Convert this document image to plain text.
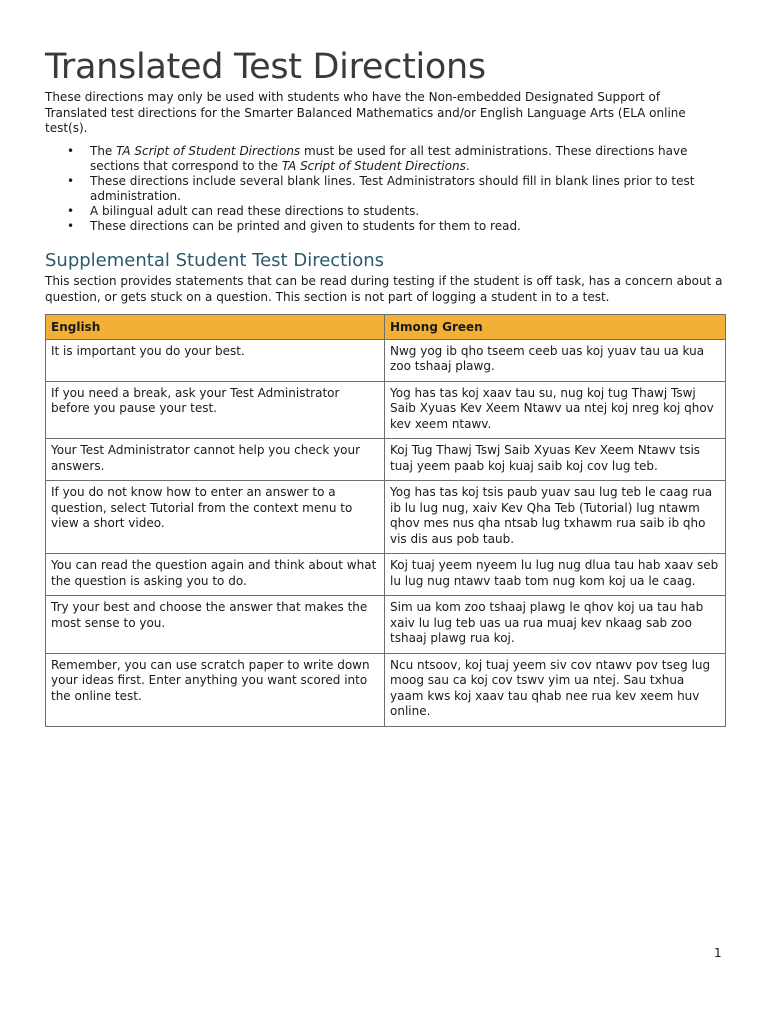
Translated Test Directions

These directions may only be used with students who have the Non-embedded Designated Support of Translated test directions for the Smarter Balanced Mathematics and/or English Language Arts (ELA online test(s).

• The TA Script of Student Directions must be used for all test administrations. These directions have sections that correspond to the TA Script of Student Directions.
• These directions include several blank lines. Test Administrators should fill in blank lines prior to test administration.
• A bilingual adult can read these directions to students.
• These directions can be printed and given to students for them to read.
Supplemental Student Test Directions

This section provides statements that can be read during testing if the student is off task, has a concern about a question, or gets stuck on a question. This section is not part of logging a student in to a test.

English	Hmong Green
It is important you do your best.	Nwg yog ib qho tseem ceeb uas koj yuav tau ua kua zoo tshaaj plawg.
If you need a break, ask your Test Administrator before you pause your test.	Yog has tas koj xaav tau su, nug koj tug Thawj Tswj Saib Xyuas Kev Xeem Ntawv ua ntej koj nreg koj qhov kev xeem ntawv.
Your Test Administrator cannot help you check your answers.	Koj Tug Thawj Tswj Saib Xyuas Kev Xeem Ntawv tsis tuaj yeem paab koj kuaj saib koj cov lug teb.
If you do not know how to enter an answer to a question, select Tutorial from the context menu to view a short video.	Yog has tas koj tsis paub yuav sau lug teb le caag rua ib lu lug nug, xaiv Kev Qha Teb (Tutorial) lug ntawm qhov mes nus qha ntsab lug txhawm rua saib ib qho vis dis aus pob taub.
You can read the question again and think about what the question is asking you to do.	Koj tuaj yeem nyeem lu lug nug dlua tau hab xaav seb lu lug nug ntawv taab tom nug kom koj ua le caag.
Try your best and choose the answer that makes the most sense to you.	Sim ua kom zoo tshaaj plawg le qhov koj ua tau hab xaiv lu lug teb uas ua rua muaj kev nkaag sab zoo tshaaj plawg rua koj.
Remember, you can use scratch paper to write down your ideas first. Enter anything you want scored into the online test.	Ncu ntsoov, koj tuaj yeem siv cov ntawv pov tseg lug moog sau ca koj cov tswv yim ua ntej. Sau txhua yaam kws koj xaav tau qhab nee rua kev xeem huv online.
1
